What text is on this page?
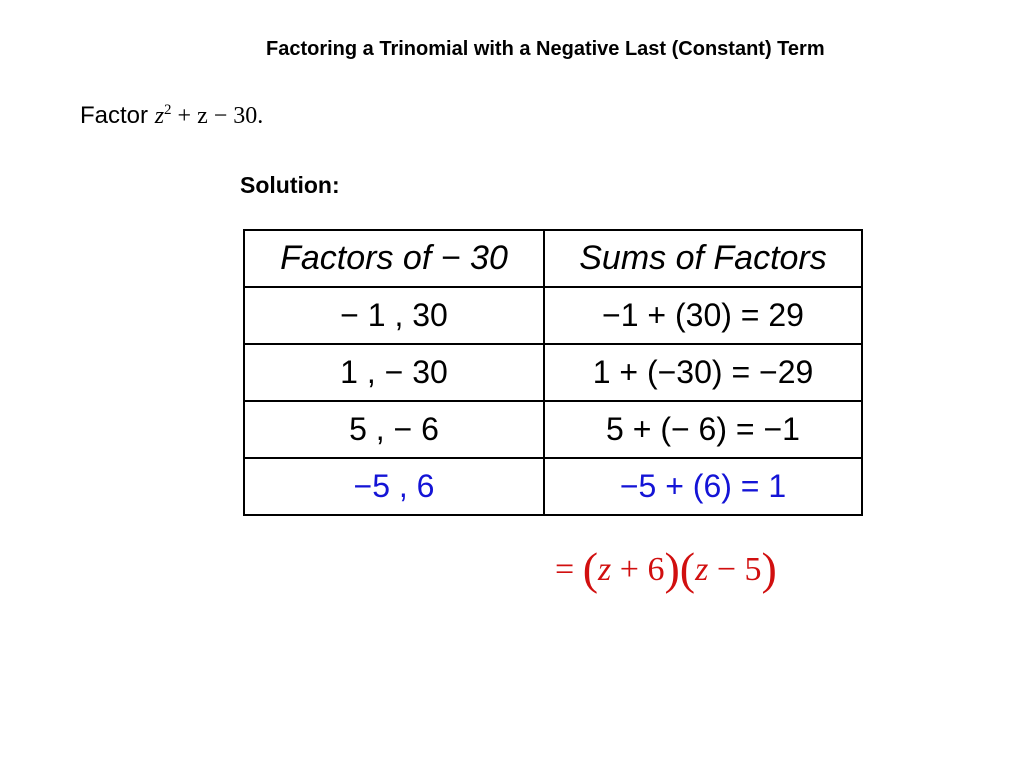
Factoring a Trinomial with a Negative Last (Constant) Term
Factor $z^2 + z - 30$.
Solution:
Factors of − 30	Sums of Factors
− 1 , 30	−1 + (30) = 29
1 , − 30	1 + (−30) = −29
5 , − 6	5 + (− 6) = −1
−5 , 6	−5 + (6) = 1
= (z + 6)(z − 5)
